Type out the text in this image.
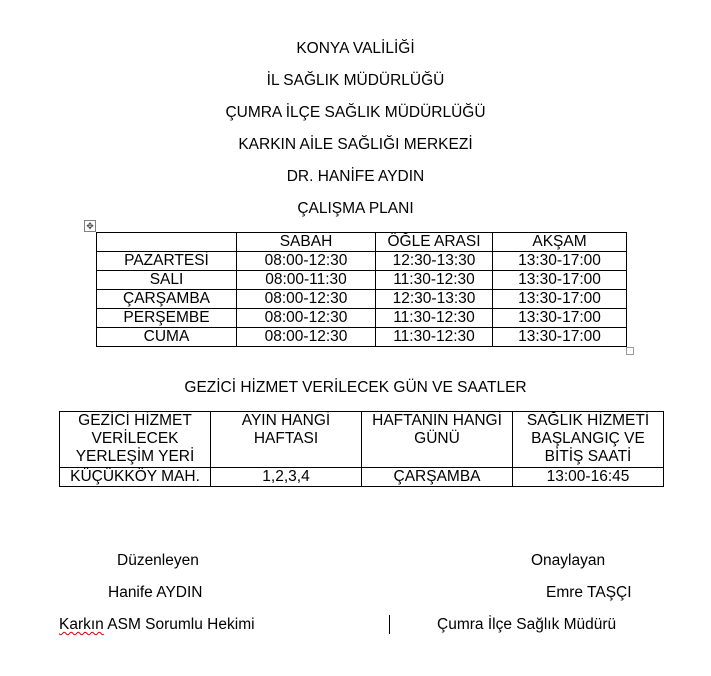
KONYA VALİLİĞİ
İL SAĞLIK MÜDÜRLÜĞÜ
ÇUMRA İLÇE SAĞLIK MÜDÜRLÜĞÜ
KARKIN AİLE SAĞLIĞI MERKEZİ
DR. HANİFE AYDIN
ÇALIŞMA PLANI
✥
	SABAH	ÖĞLE ARASI	AKŞAM
PAZARTESİ	08:00-12:30	12:30-13:30	13:30-17:00
SALI	08:00-11:30	11:30-12:30	13:30-17:00
ÇARŞAMBA	08:00-12:30	12:30-13:30	13:30-17:00
PERŞEMBE	08:00-12:30	11:30-12:30	13:30-17:00
CUMA	08:00-12:30	11:30-12:30	13:30-17:00
GEZİCİ HİZMET VERİLECEK GÜN VE SAATLER
GEZİCİ HİZMET VERİLECEK YERLEŞİM YERİ	AYIN HANGİ HAFTASI	HAFTANIN HANGİ GÜNÜ	SAĞLIK HİZMETİ BAŞLANGIÇ VE BİTİŞ SAATİ
KÜÇÜKKÖY MAH.	1,2,3,4	ÇARŞAMBA	13:00-16:45
Düzenleyen	Onaylayan
Hanife AYDIN	Emre TAŞÇI
Karkın ASM Sorumlu Hekimi	Çumra İlçe Sağlık Müdürü
